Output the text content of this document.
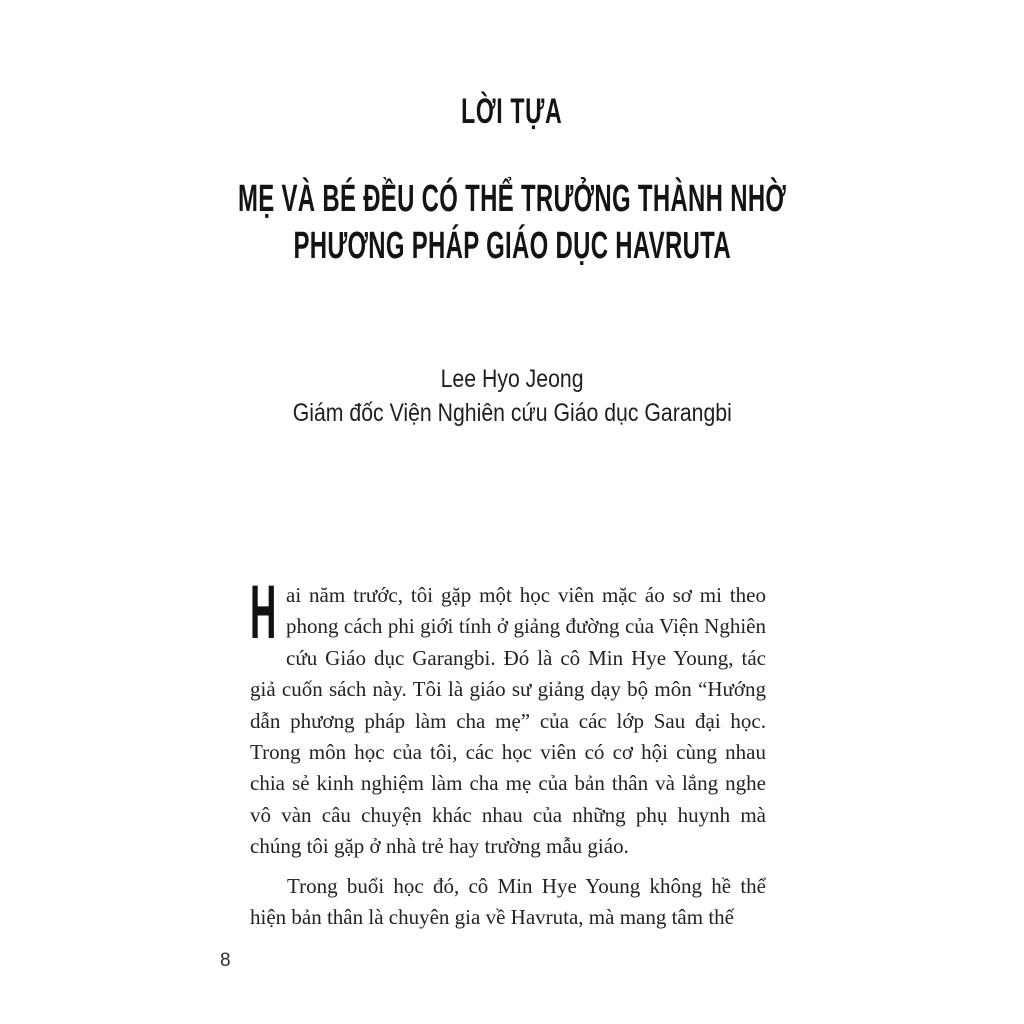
LỜI TỰA
MẸ VÀ BÉ ĐỀU CÓ THỂ TRƯỞNG THÀNH NHỜ
PHƯƠNG PHÁP GIÁO DỤC HAVRUTA
Lee Hyo Jeong
Giám đốc Viện Nghiên cứu Giáo dục Garangbi

Hai năm trước, tôi gặp một học viên mặc áo sơ mi theo phong cách phi giới tính ở giảng đường của Viện Nghiên cứu Giáo dục Garangbi. Đó là cô Min Hye Young, tác giả cuốn sách này. Tôi là giáo sư giảng dạy bộ môn “Hướng dẫn phương pháp làm cha mẹ” của các lớp Sau đại học. Trong môn học của tôi, các học viên có cơ hội cùng nhau chia sẻ kinh nghiệm làm cha mẹ của bản thân và lắng nghe vô vàn câu chuyện khác nhau của những phụ huynh mà chúng tôi gặp ở nhà trẻ hay trường mẫu giáo.

Trong buổi học đó, cô Min Hye Young không hề thể hiện bản thân là chuyên gia về Havruta, mà mang tâm thế

8
